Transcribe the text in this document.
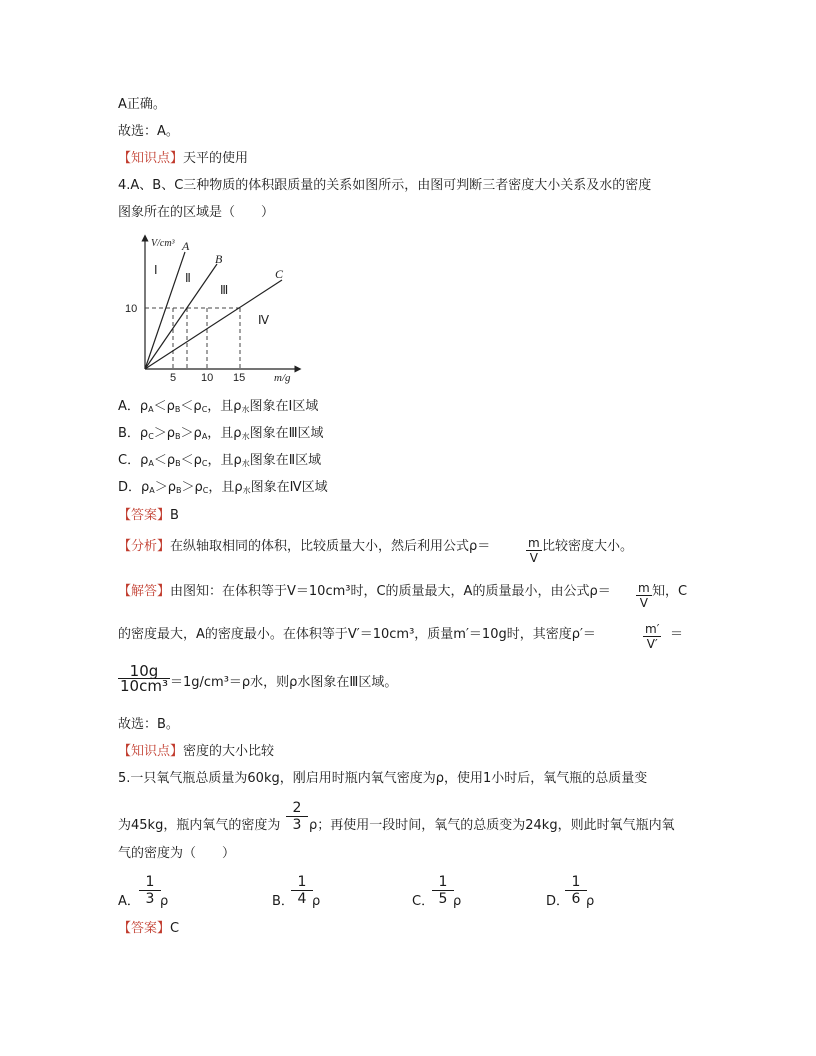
A正确。
故选：A。
【知识点】天平的使用
4.A、B、C三种物质的体积跟质量的关系如图所示，由图可判断三者密度大小关系及水的密度
图象所在的区域是（　　）
V/cm³
m/g
A
B
C
Ⅰ
Ⅱ
Ⅲ
Ⅳ
10
5 10 15
A．$\rho_A<\rho_B<\rho_C$，且$\rho_水$图象在Ⅰ区域
B．$\rho_C>\rho_B>\rho_A$，且$\rho_水$图象在Ⅲ区域
C．$\rho_A<\rho_B<\rho_C$，且$\rho_水$图象在Ⅱ区域
D．$\rho_A>\rho_B>\rho_C$，且$\rho_水$图象在Ⅳ区域
【答案】B
【分析】在纵轴取相同的体积，比较质量大小，然后利用公式ρ＝	$\frac{m}{V}$ 比较密度大小。
【解答】由图知：在体积等于V＝10cm³时，C的质量最大，A的质量最小，由公式$\rho= \frac{m}{V}$ 知，C
的密度最大，A的密度最小。在体积等于V′＝10cm³，质量m′＝10g时，其密度ρ′＝	$\frac{m'}{V'}$ ＝
$\frac{10g}{\text{10cm³}} =1g/cm^3=\rho$水，则ρ水图象在Ⅲ区域。
故选：B。
【知识点】密度的大小比较
5.一只氧气瓶总质量为60kg，刚启用时瓶内氧气密度为ρ，使用1小时后，氧气瓶的总质量变
为45kg，瓶内氧气的密度为 $\frac{2}{3}$ ρ；再使用一段时间，氧气的总质变为24kg，则此时氧气瓶内氧
气的密度为（　　）
A． $\frac{1}{3}$ ρ	B．
$\frac{1}{4}$ ρ	C．
$\frac{1}{5}$ ρ	D．
$\frac{1}{6}$ ρ
【答案】C
